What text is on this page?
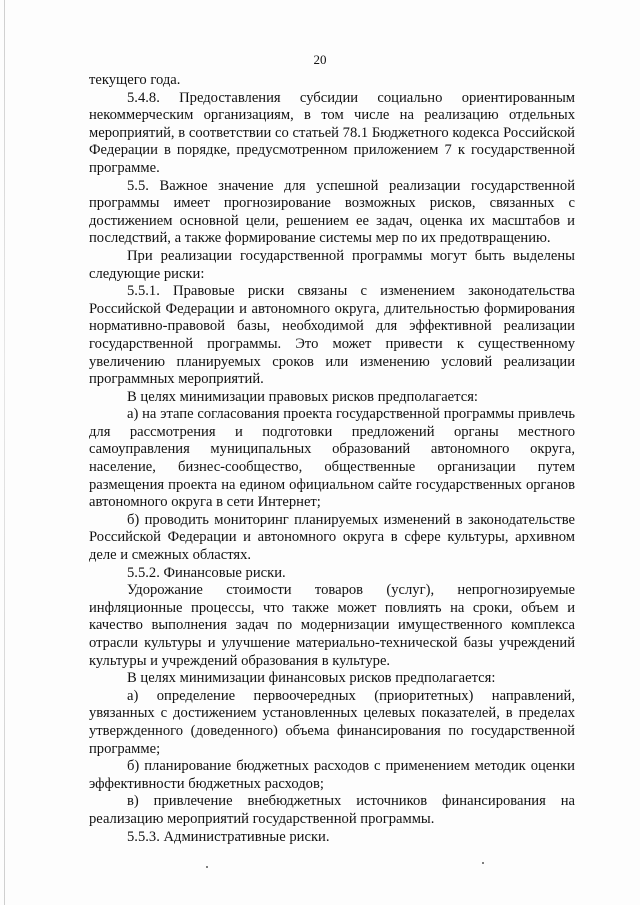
20

текущего года.

5.4.8. Предоставления субсидии социально ориентированным некоммерческим организациям, в том числе на реализацию отдельных мероприятий, в соответствии со статьей 78.1 Бюджетного кодекса Российской Федерации в порядке, предусмотренном приложением 7 к государственной программе.

5.5. Важное значение для успешной реализации государственной программы имеет прогнозирование возможных рисков, связанных с достижением основной цели, решением ее задач, оценка их масштабов и последствий, а также формирование системы мер по их предотвращению.

При реализации государственной программы могут быть выделены следующие риски:

5.5.1. Правовые риски связаны с изменением законодательства Российской Федерации и автономного округа, длительностью формирования нормативно-правовой базы, необходимой для эффективной реализации государственной программы. Это может привести к существенному увеличению планируемых сроков или изменению условий реализации программных мероприятий.

В целях минимизации правовых рисков предполагается:

а) на этапе согласования проекта государственной программы привлечь для рассмотрения и подготовки предложений органы местного самоуправления муниципальных образований автономного округа, население, бизнес-сообщество, общественные организации путем размещения проекта на едином официальном сайте государственных органов автономного округа в сети Интернет;

б) проводить мониторинг планируемых изменений в законодательстве Российской Федерации и автономного округа в сфере культуры, архивном деле и смежных областях.

5.5.2. Финансовые риски.

Удорожание стоимости товаров (услуг), непрогнозируемые инфляционные процессы, что также может повлиять на сроки, объем и качество выполнения задач по модернизации имущественного комплекса отрасли культуры и улучшение материально-технической базы учреждений культуры и учреждений образования в культуре.

В целях минимизации финансовых рисков предполагается:

а) определение первоочередных (приоритетных) направлений, увязанных с достижением установленных целевых показателей, в пределах утвержденного (доведенного) объема финансирования по государственной программе;

б) планирование бюджетных расходов с применением методик оценки эффективности бюджетных расходов;

в) привлечение внебюджетных источников финансирования на реализацию мероприятий государственной программы.

5.5.3. Административные риски.
